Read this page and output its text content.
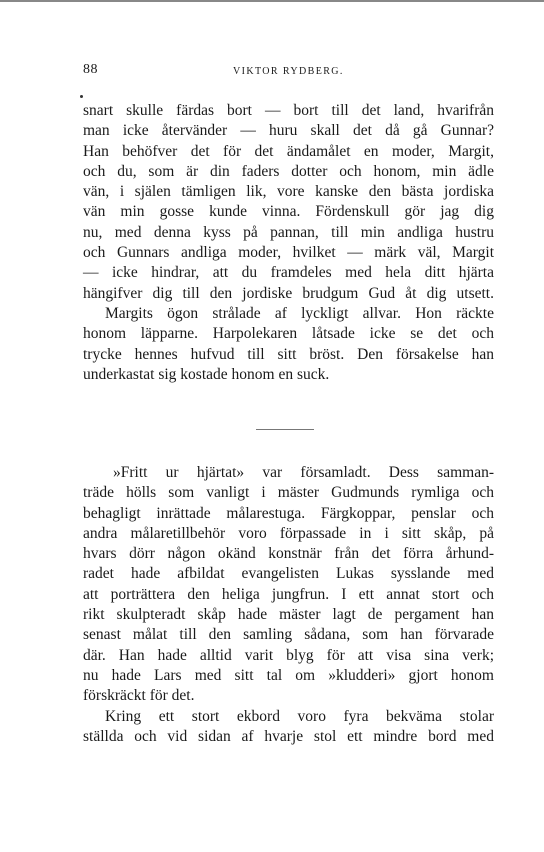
88	VIKTOR RYDBERG.
snart skulle färdas bort — bort till det land, hvarifrån
man icke återvänder — huru skall det då gå Gunnar?
Han behöfver det för det ändamålet en moder, Margit,
och du, som är din faders dotter och honom, min ädle
vän, i själen tämligen lik, vore kanske den bästa jordiska
vän min gosse kunde vinna. Fördenskull gör jag dig
nu, med denna kyss på pannan, till min andliga hustru
och Gunnars andliga moder, hvilket — märk väl, Margit
— icke hindrar, att du framdeles med hela ditt hjärta
hängifver dig till den jordiske brudgum Gud åt dig utsett.
Margits ögon strålade af lyckligt allvar. Hon räckte
honom läpparne. Harpolekaren låtsade icke se det och
trycke hennes hufvud till sitt bröst. Den försakelse han
underkastat sig kostade honom en suck.
»Fritt ur hjärtat» var församladt. Dess samman-
träde hölls som vanligt i mäster Gudmunds rymliga och
behagligt inrättade målarestuga. Färgkoppar, penslar och
andra målaretillbehör voro förpassade in i sitt skåp, på
hvars dörr någon okänd konstnär från det förra århund-
radet hade afbildat evangelisten Lukas sysslande med
att porträttera den heliga jungfrun. I ett annat stort och
rikt skulpteradt skåp hade mäster lagt de pergament han
senast målat till den samling sådana, som han förvarade
där. Han hade alltid varit blyg för att visa sina verk;
nu hade Lars med sitt tal om »kludderi» gjort honom
förskräckt för det.
Kring ett stort ekbord voro fyra bekväma stolar
ställda och vid sidan af hvarje stol ett mindre bord med
